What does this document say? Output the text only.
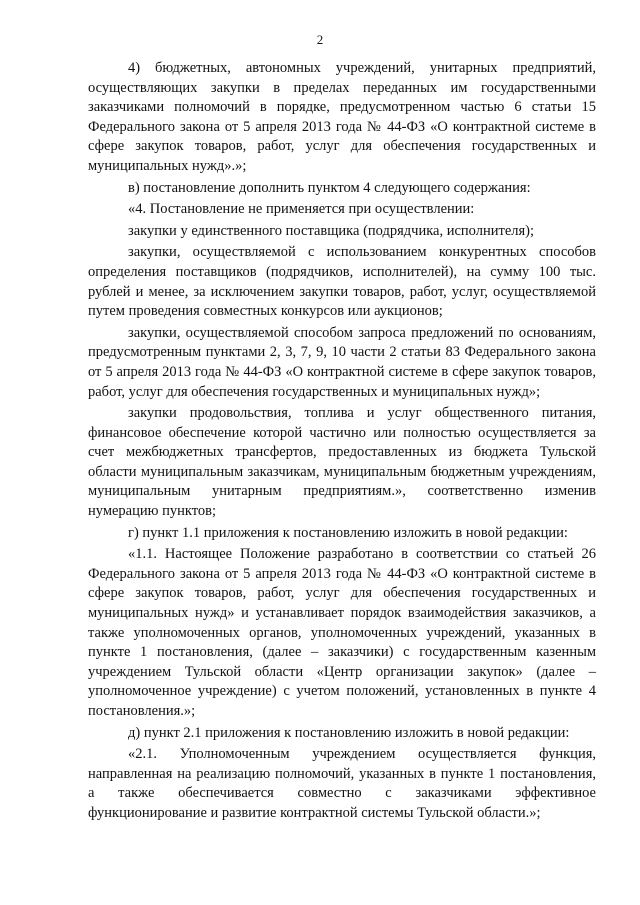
2

4) бюджетных, автономных учреждений, унитарных предприятий, осуществляющих закупки в пределах переданных им государственными заказчиками полномочий в порядке, предусмотренном частью 6 статьи 15 Федерального закона от 5 апреля 2013 года № 44-ФЗ «О контрактной системе в сфере закупок товаров, работ, услуг для обеспечения государственных и муниципальных нужд».»;

в) постановление дополнить пунктом 4 следующего содержания:

«4. Постановление не применяется при осуществлении:

закупки у единственного поставщика (подрядчика, исполнителя);

закупки, осуществляемой с использованием конкурентных способов определения поставщиков (подрядчиков, исполнителей), на сумму 100 тыс. рублей и менее, за исключением закупки товаров, работ, услуг, осуществляемой путем проведения совместных конкурсов или аукционов;

закупки, осуществляемой способом запроса предложений по основаниям, предусмотренным пунктами 2, 3, 7, 9, 10 части 2 статьи 83 Федерального закона от 5 апреля 2013 года № 44-ФЗ «О контрактной системе в сфере закупок товаров, работ, услуг для обеспечения государственных и муниципальных нужд»;

закупки продовольствия, топлива и услуг общественного питания, финансовое обеспечение которой частично или полностью осуществляется за счет межбюджетных трансфертов, предоставленных из бюджета Тульской области муниципальным заказчикам, муниципальным бюджетным учреждениям, муниципальным унитарным предприятиям.», соответственно изменив нумерацию пунктов;

г) пункт 1.1 приложения к постановлению изложить в новой редакции:

«1.1. Настоящее Положение разработано в соответствии со статьей 26 Федерального закона от 5 апреля 2013 года № 44-ФЗ «О контрактной системе в сфере закупок товаров, работ, услуг для обеспечения государственных и муниципальных нужд» и устанавливает порядок взаимодействия заказчиков, а также уполномоченных органов, уполномоченных учреждений, указанных в пункте 1 постановления, (далее – заказчики) с государственным казенным учреждением Тульской области «Центр организации закупок» (далее – уполномоченное учреждение) с учетом положений, установленных в пункте 4 постановления.»;

д) пункт 2.1 приложения к постановлению изложить в новой редакции:

«2.1. Уполномоченным учреждением осуществляется функция, направленная на реализацию полномочий, указанных в пункте 1 постановления, а также обеспечивается совместно с заказчиками эффективное функционирование и развитие контрактной системы Тульской области.»;
